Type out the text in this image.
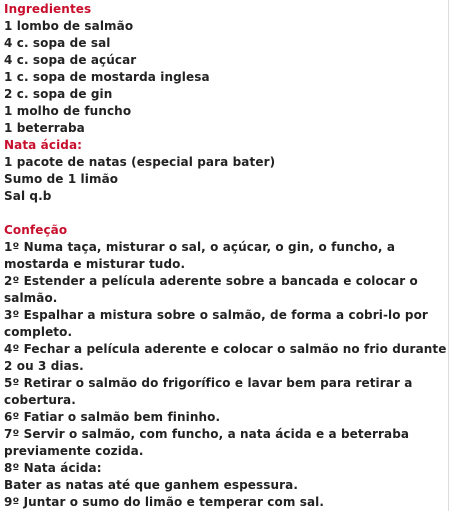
Ingredientes
1 lombo de salmão
4 c. sopa de sal
4 c. sopa de açúcar
1 c. sopa de mostarda inglesa
2 c. sopa de gin
1 molho de funcho
1 beterraba
Nata ácida:
1 pacote de natas (especial para bater)
Sumo de 1 limão
Sal q.b
Confeção
1º Numa taça, misturar o sal, o açúcar, o gin, o funcho, a
mostarda e misturar tudo.
2º Estender a película aderente sobre a bancada e colocar o
salmão.
3º Espalhar a mistura sobre o salmão, de forma a cobri-lo por
completo.
4º Fechar a película aderente e colocar o salmão no frio durante
2 ou 3 dias.
5º Retirar o salmão do frigorífico e lavar bem para retirar a
cobertura.
6º Fatiar o salmão bem fininho.
7º Servir o salmão, com funcho, a nata ácida e a beterraba
previamente cozida.
8º Nata ácida:
Bater as natas até que ganhem espessura.
9º Juntar o sumo do limão e temperar com sal.
